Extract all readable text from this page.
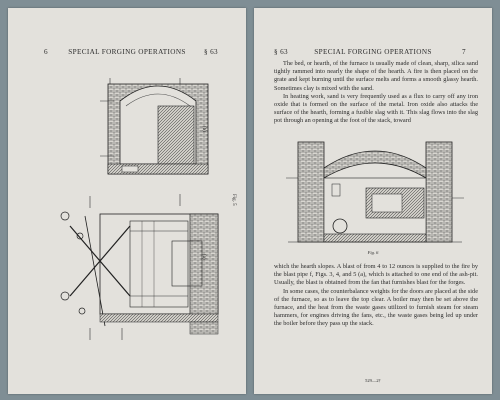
6	SPECIAL FORGING OPERATIONS	§ 63
(b)
Fig. 5
(a)
§ 63	SPECIAL FORGING OPERATIONS	7

The bed, or hearth, of the furnace is usually made of clean, sharp, silica sand tightly rammed into nearly the shape of the hearth. A fire is then placed on the grate and kept burning until the surface melts and forms a smooth glassy hearth. Sometimes clay is mixed with the sand.

In heating work, sand is very frequently used as a flux to carry off any iron oxide that is formed on the surface of the metal. Iron oxide also attacks the surface of the hearth, forming a fusible slag with it. This slag flows into the slag pot through an opening at the foot of the stack, toward

Fig. 6

which the hearth slopes. A blast of from 4 to 12 ounces is supplied to the fire by the blast pipe f, Figs. 3, 4, and 5 (a), which is attached to one end of the ash-pit. Usually, the blast is obtained from the fan that furnishes blast for the forges.

In some cases, the counterbalance weights for the doors are placed at the side of the furnace, so as to leave the top clear. A boiler may then be set above the furnace, and the heat from the waste gases utilized to furnish steam for steam hammers, for engines driving the fans, etc., the waste gases being led up under the boiler before they pass up the stack.

529—2†
